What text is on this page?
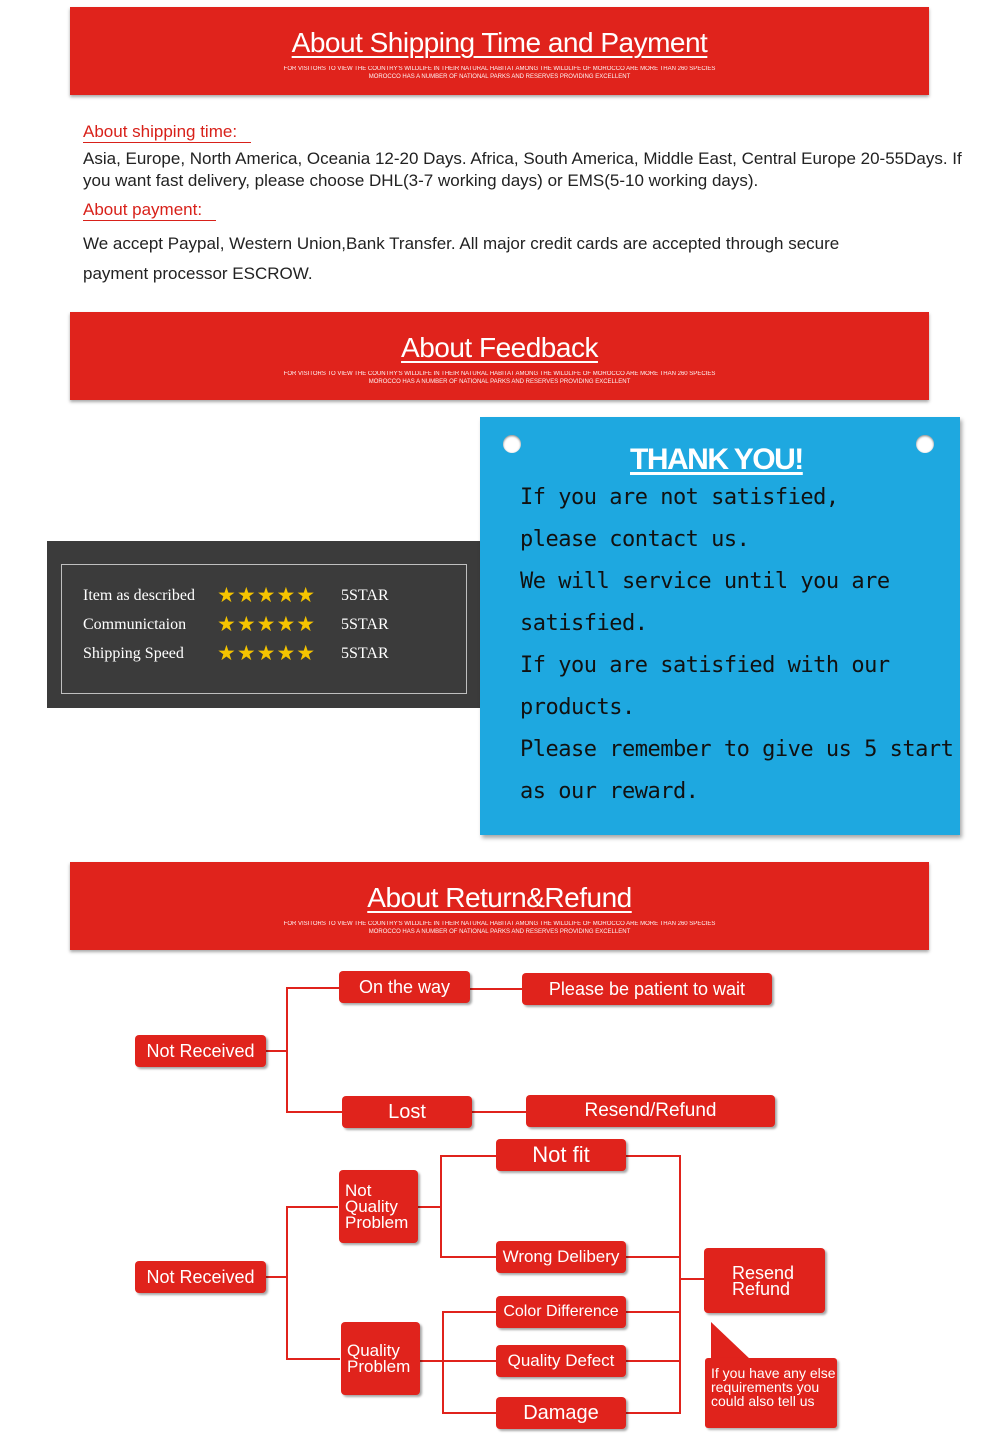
About Shipping Time and Payment
FOR VISITORS TO VIEW THE COUNTRY'S WILDLIFE IN THEIR NATURAL HABITAT AMONG THE WILDLIFE OF MOROCCO ARE MORE THAN 260 SPECIES
MOROCCO HAS A NUMBER OF NATIONAL PARKS AND RESERVES PROVIDING EXCELLENT
About shipping time:
Asia, Europe, North America, Oceania 12-20 Days. Africa, South America, Middle East, Central Europe 20-55Days. If you want fast delivery, please choose DHL(3-7 working days) or EMS(5-10 working days).
About payment:
We accept Paypal, Western Union,Bank Transfer. All major credit cards are accepted through secure payment processor ESCROW.
About Feedback
FOR VISITORS TO VIEW THE COUNTRY'S WILDLIFE IN THEIR NATURAL HABITAT AMONG THE WILDLIFE OF MOROCCO ARE MORE THAN 260 SPECIES
MOROCCO HAS A NUMBER OF NATIONAL PARKS AND RESERVES PROVIDING EXCELLENT
Item as described	★★★★★ 5STAR
Communictaion	★★★★★ 5STAR
Shipping Speed	★★★★★ 5STAR
THANK YOU!
If you are not satisfied,
please contact us.
We will service until you are
satisfied.
If you are satisfied with our
products.
Please remember to give us 5 start
as our reward.
About Return&Refund
FOR VISITORS TO VIEW THE COUNTRY'S WILDLIFE IN THEIR NATURAL HABITAT AMONG THE WILDLIFE OF MOROCCO ARE MORE THAN 260 SPECIES
MOROCCO HAS A NUMBER OF NATIONAL PARKS AND RESERVES PROVIDING EXCELLENT
Not Received
On the way	Please be patient to wait
Lost	Resend/Refund
Not Received
Not Quality Problem
Quality Problem
Not fit
Wrong Delibery
Color Difference
Quality Defect
Damage
Resend Refund
If you have any else requirements you could also tell us
